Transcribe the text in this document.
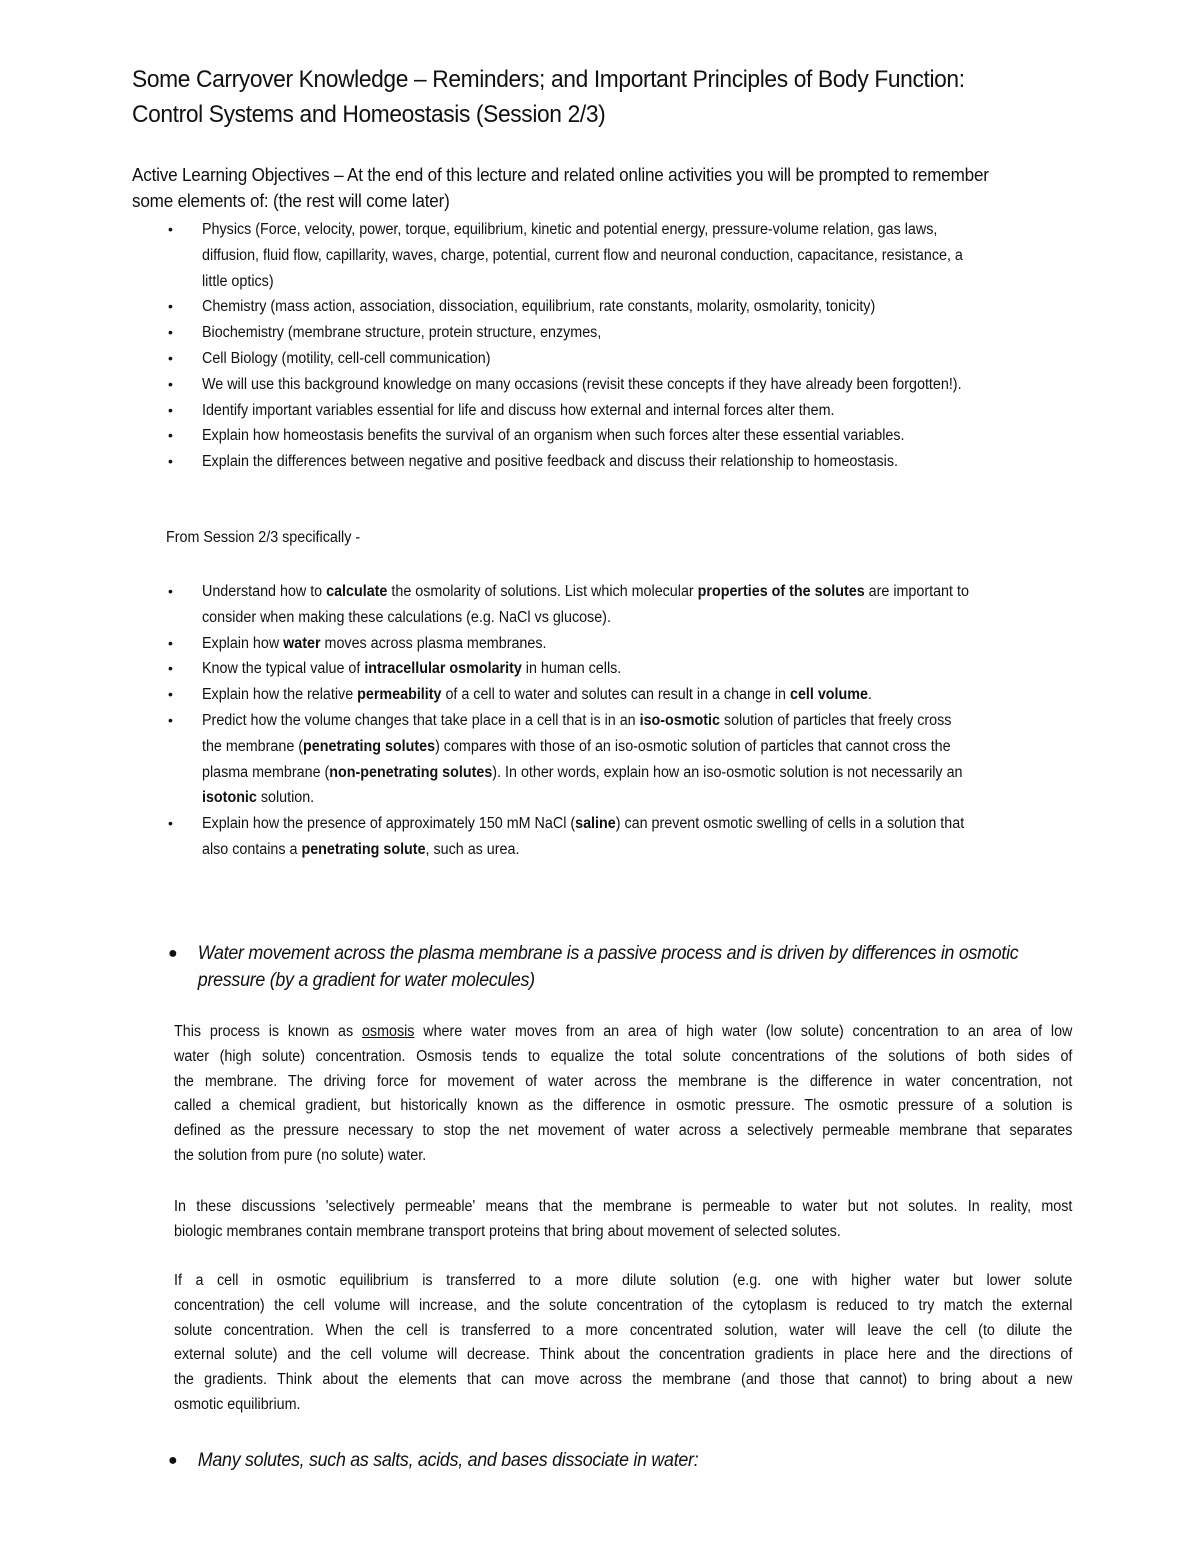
Some Carryover Knowledge – Reminders; and Important Principles of Body Function:
Control Systems and Homeostasis (Session 2/3)
Active Learning Objectives – At the end of this lecture and related online activities you will be prompted to remember
some elements of: (the rest will come later)
• Physics (Force, velocity, power, torque, equilibrium, kinetic and potential energy, pressure-volume relation, gas laws,
diffusion, fluid flow, capillarity, waves, charge, potential, current flow and neuronal conduction, capacitance, resistance, a
little optics)
• Chemistry (mass action, association, dissociation, equilibrium, rate constants, molarity, osmolarity, tonicity)
• Biochemistry (membrane structure, protein structure, enzymes,
• Cell Biology (motility, cell-cell communication)
• We will use this background knowledge on many occasions (revisit these concepts if they have already been forgotten!).
• Identify important variables essential for life and discuss how external and internal forces alter them.
• Explain how homeostasis benefits the survival of an organism when such forces alter these essential variables.
• Explain the differences between negative and positive feedback and discuss their relationship to homeostasis.
From Session 2/3 specifically -
• Understand how to calculate the osmolarity of solutions. List which molecular properties of the solutes are important to
consider when making these calculations (e.g. NaCl vs glucose).
• Explain how water moves across plasma membranes.
• Know the typical value of intracellular osmolarity in human cells.
• Explain how the relative permeability of a cell to water and solutes can result in a change in cell volume.
• Predict how the volume changes that take place in a cell that is in an iso-osmotic solution of particles that freely cross
the membrane (penetrating solutes) compares with those of an iso-osmotic solution of particles that cannot cross the
plasma membrane (non-penetrating solutes). In other words, explain how an iso-osmotic solution is not necessarily an
isotonic solution.
• Explain how the presence of approximately 150 mM NaCl (saline) can prevent osmotic swelling of cells in a solution that
also contains a penetrating solute, such as urea.
● Water movement across the plasma membrane is a passive process and is driven by differences in osmotic
pressure (by a gradient for water molecules)
This process is known as osmosis where water moves from an area of high water (low solute) concentration to an area of low
water (high solute) concentration. Osmosis tends to equalize the total solute concentrations of the solutions of both sides of
the membrane. The driving force for movement of water across the membrane is the difference in water concentration, not
called a chemical gradient, but historically known as the difference in osmotic pressure. The osmotic pressure of a solution is
defined as the pressure necessary to stop the net movement of water across a selectively permeable membrane that separates
the solution from pure (no solute) water.
In these discussions 'selectively permeable' means that the membrane is permeable to water but not solutes. In reality, most
biologic membranes contain membrane transport proteins that bring about movement of selected solutes.
If a cell in osmotic equilibrium is transferred to a more dilute solution (e.g. one with higher water but lower solute
concentration) the cell volume will increase, and the solute concentration of the cytoplasm is reduced to try match the external
solute concentration. When the cell is transferred to a more concentrated solution, water will leave the cell (to dilute the
external solute) and the cell volume will decrease. Think about the concentration gradients in place here and the directions of
the gradients. Think about the elements that can move across the membrane (and those that cannot) to bring about a new
osmotic equilibrium.
● Many solutes, such as salts, acids, and bases dissociate in water:
